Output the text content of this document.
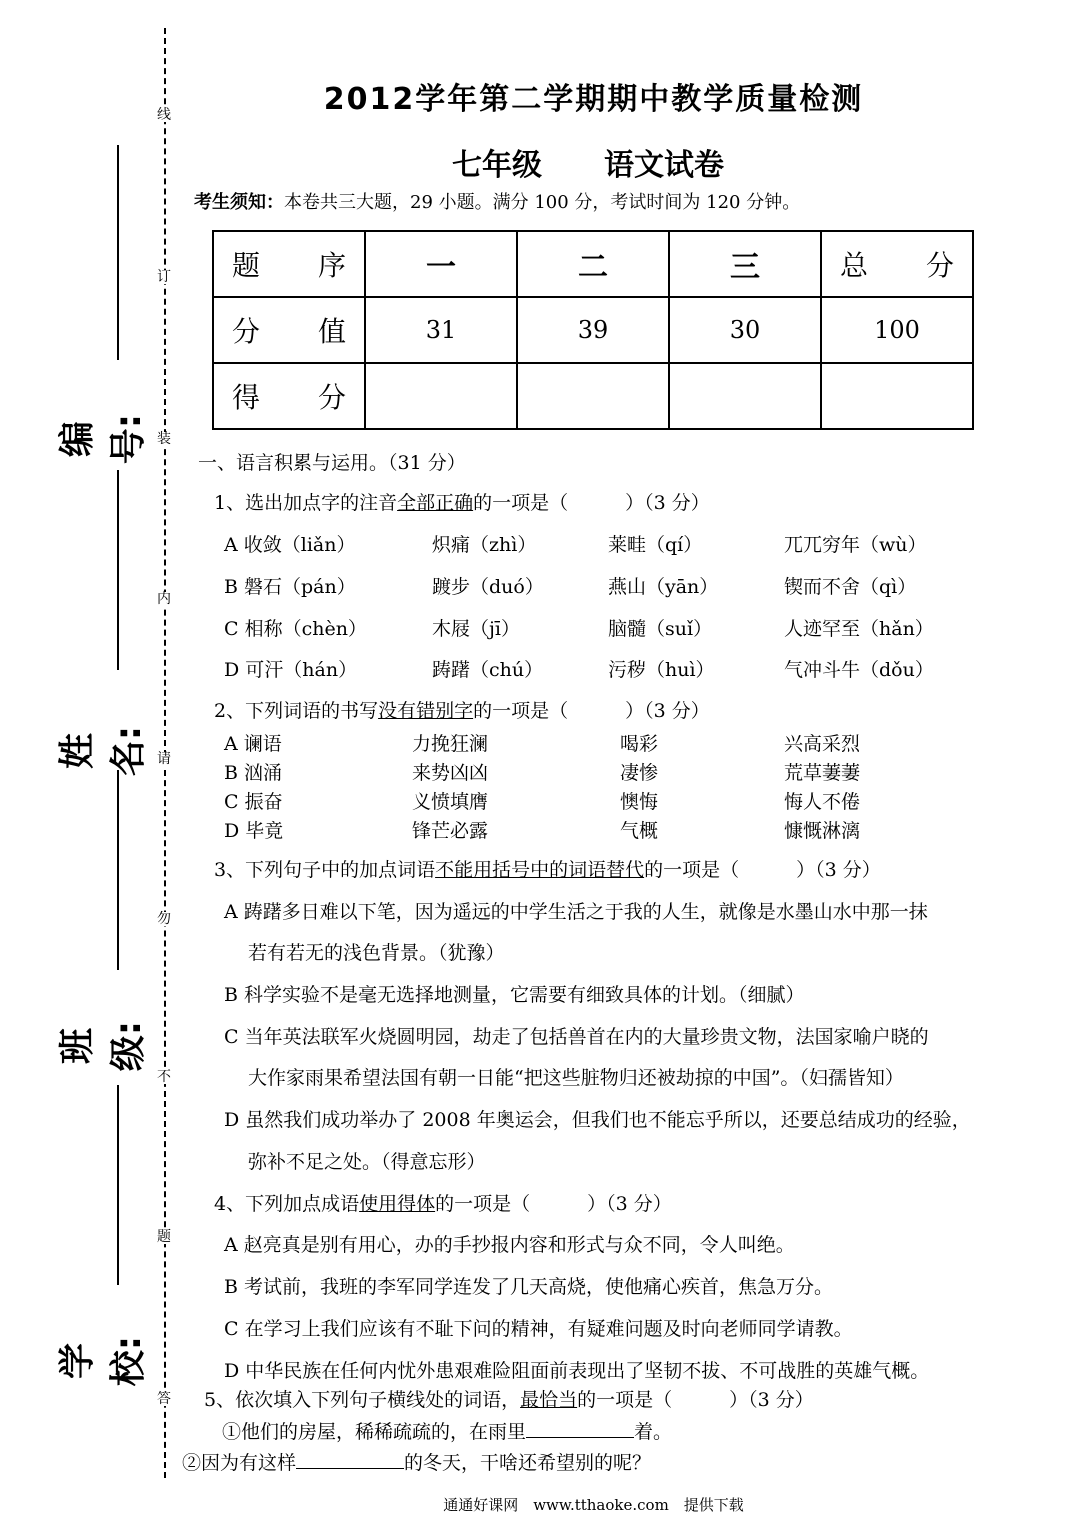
线
订
装
内
请
勿
不
题
答
编号:
姓名:
班级:
学校:
2012学年第二学期期中教学质量检测
七年级 语文试卷
考生须知：本卷共三大题，29 小题。满分 100 分，考试时间为 120 分钟。
题　　序	一	二	三	总　　分
分　　值	31	39	30	100
得　　分				
一、语言积累与运用。（31 分）
1、选出加点字的注音全部正确的一项是（　　　）（3 分）
A 收敛（liǎn）	炽痛（zhì）	莱畦（qí）	兀兀穷年（wù）
B 磐石（pán）	踱步（duó）	燕山（yān）	锲而不舍（qì）
C 相称（chèn）	木屐（jī）	脑髓（suǐ）	人迹罕至（hǎn）
D 可汗（hán）	踌躇（chú）	污秽（huì）	气冲斗牛（dǒu）
2、下列词语的书写没有错别字的一项是（　　　）（3 分）
A 谰语	力挽狂澜	喝彩	兴高采烈
B 汹涌	来势凶凶	凄惨	荒草萋萋
C 振奋	义愤填膺	懊悔	悔人不倦
D 毕竟	锋芒必露	气概	慷慨淋漓
3、下列句子中的加点词语不能用括号中的词语替代的一项是（　　　）（3 分）
A 踌躇多日难以下笔，因为遥远的中学生活之于我的人生，就像是水墨山水中那一抹
若有若无的浅色背景。（犹豫）
B 科学实验不是毫无选择地测量，它需要有细致具体的计划。（细腻）
C 当年英法联军火烧圆明园，劫走了包括兽首在内的大量珍贵文物，法国家喻户晓的
大作家雨果希望法国有朝一日能“把这些脏物归还被劫掠的中国”。（妇孺皆知）
D 虽然我们成功举办了 2008 年奥运会，但我们也不能忘乎所以，还要总结成功的经验，
弥补不足之处。（得意忘形）
4、下列加点成语使用得体的一项是（　　　）（3 分）
A 赵亮真是别有用心，办的手抄报内容和形式与众不同，令人叫绝。
B 考试前，我班的李军同学连发了几天高烧，使他痛心疾首，焦急万分。
C 在学习上我们应该有不耻下问的精神，有疑难问题及时向老师同学请教。
D 中华民族在任何内忧外患艰难险阻面前表现出了坚韧不拔、不可战胜的英雄气概。
5、依次填入下列句子横线处的词语，最恰当的一项是（　　　）（3 分）
①他们的房屋，稀稀疏疏的，在雨里	着。
②因为有这样	的冬天，干啥还希望别的呢？
通通好课网　www.tthaoke.com　提供下载
